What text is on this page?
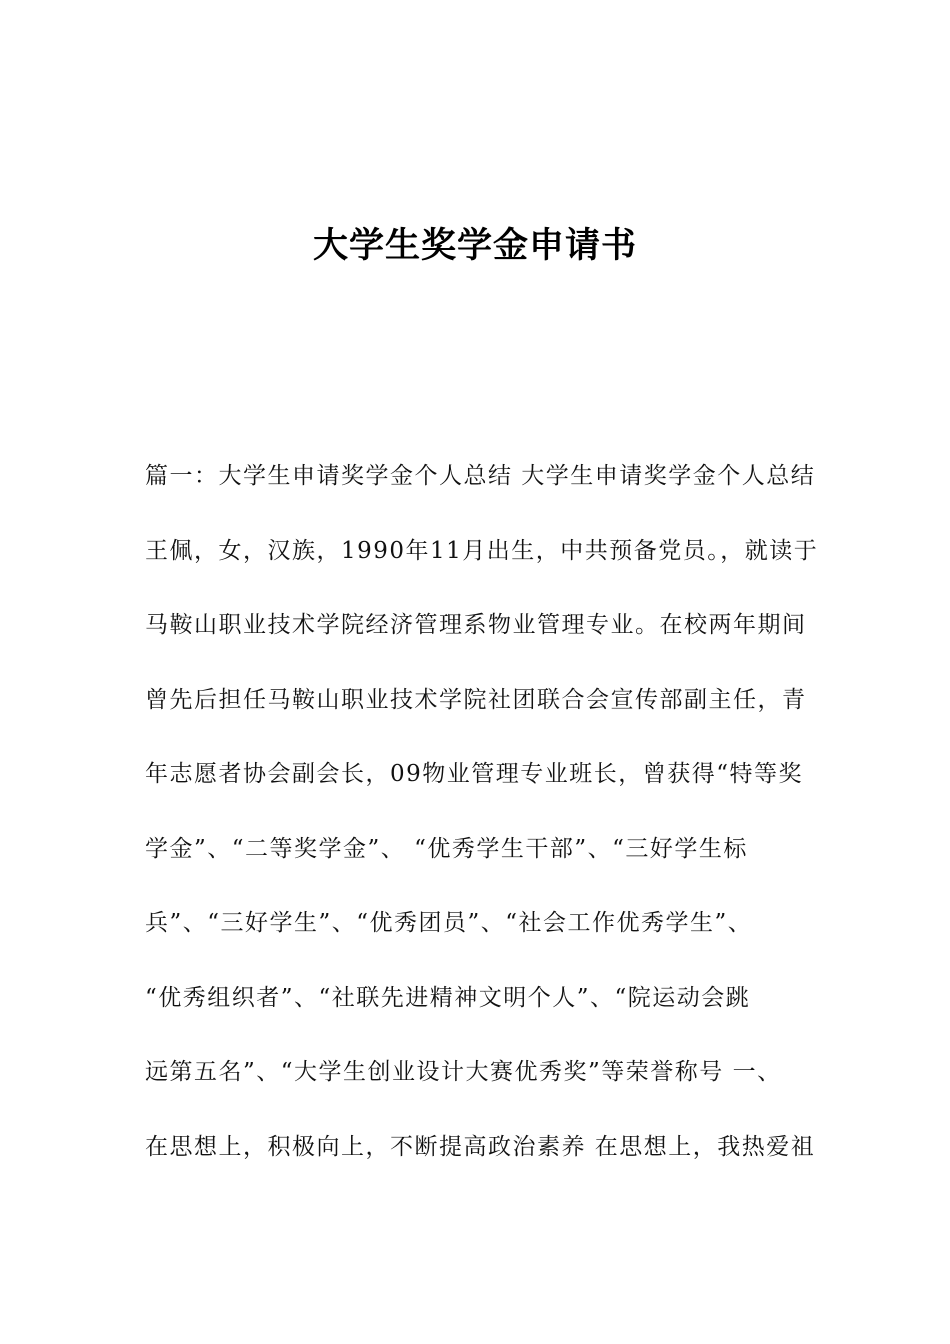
大学生奖学金申请书
篇一：大学生申请奖学金个人总结 大学生申请奖学金个人总结
王佩，女，汉族，1990年11月出生，中共预备党员。，就读于
马鞍山职业技术学院经济管理系物业管理专业。在校两年期间
曾先后担任马鞍山职业技术学院社团联合会宣传部副主任，青
年志愿者协会副会长，09物业管理专业班长，曾获得“特等奖
学金”、“二等奖学金”、 “优秀学生干部”、“三好学生标
兵”、“三好学生”、“优秀团员”、“社会工作优秀学生”、
“优秀组织者”、“社联先进精神文明个人”、“院运动会跳
远第五名”、“大学生创业设计大赛优秀奖”等荣誉称号 一、
在思想上，积极向上，不断提高政治素养 在思想上，我热爱祖
